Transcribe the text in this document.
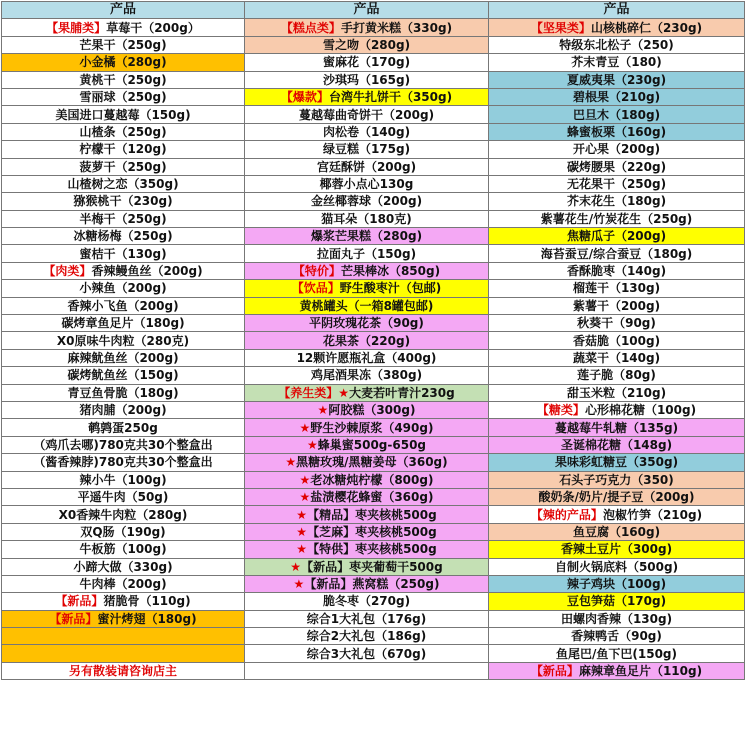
产品	产品	产品
【果脯类】草莓干（200g）	【糕点类】手打黄米糕（330g)	【坚果类】山核桃碎仁（230g)
芒果干（250g)	雪之吻（280g)	特级东北松子（250)
小金橘（280g)	蜜麻花（170g)	芥末青豆（180)
黄桃干（250g)	沙琪玛（165g)	夏威夷果（230g)
雪丽球（250g)	【爆款】台湾牛扎饼干（350g)	碧根果（210g)
美国进口蔓越莓（150g)	蔓越莓曲奇饼干（200g)	巴旦木（180g)
山楂条（250g)	肉松卷（140g)	蜂蜜板栗（160g)
柠檬干（120g)	绿豆糕（175g)	开心果（200g)
菠萝干（250g)	宫廷酥饼（200g)	碳烤腰果（220g)
山楂树之恋（350g)	椰蓉小点心130g	无花果干（250g)
猕猴桃干（230g)	金丝椰蓉球（200g)	芥末花生（180g)
半梅干（250g)	猫耳朵（180克)	紫薯花生/竹炭花生（250g)
冰糖杨梅（250g)	爆浆芒果糕（280g)	焦糖瓜子（200g)
蜜桔干（130g)	拉面丸子（150g)	海苔蚕豆/综合蚕豆（180g)
【肉类】香辣鳗鱼丝（200g)	【特价】芒果棒冰（850g)	香酥脆枣（140g)
小辣鱼（200g)	【饮品】野生酸枣汁（包邮)	榴莲干（130g)
香辣小飞鱼（200g)	黄桃罐头（一箱8罐包邮)	紫薯干（200g)
碳烤章鱼足片（180g)	平阴玫瑰花茶（90g)	秋葵干（90g)
X0原味牛肉粒（280克)	花果茶（220g)	香菇脆（100g)
麻辣鱿鱼丝（200g)	12颗许愿瓶礼盒（400g)	蔬菜干（140g)
碳烤鱿鱼丝（150g)	鸡尾酒果冻（380g)	莲子脆（80g)
青豆鱼骨脆（180g)	【养生类】★大麦若叶青汁230g	甜玉米粒（210g)
猪肉脯（200g)	★阿胶糕（300g)	【糖类】心形棉花糖（100g)
鹌鹑蛋250g	★野生沙棘原浆（490g)	蔓越莓牛轧糖（135g)
（鸡爪去哪)780克共30个整盒出	★蜂巢蜜500g-650g	圣诞棉花糖（148g)
（酱香辣脖)780克共30个整盒出	★黑糖玫瑰/黑糖姜母（360g)	果味彩虹糖豆（350g)
辣小牛（100g)	★老冰糖炖柠檬（800g)	石头子巧克力（350)
平遥牛肉（50g)	★盐渍樱花蜂蜜（360g)	酸奶条/奶片/提子豆（200g)
X0香辣牛肉粒（280g)	★【精品】枣夹核桃500g	【辣的产品】泡椒竹笋（210g)
双Q肠（190g)	★【芝麻】枣夹核桃500g	鱼豆腐（160g)
牛板筋（100g)	★【特供】枣夹核桃500g	香辣土豆片（300g)
小蹄大做（330g)	★【新品】枣夹葡萄干500g	自制火锅底料（500g)
牛肉棒（200g)	★【新品】燕窝糕（250g)	辣子鸡块（100g)
【新品】猪脆骨（110g)	脆冬枣（270g)	豆包笋菇（170g)
【新品】蜜汁烤翅（180g)	综合1大礼包（176g)	田螺肉香辣（130g)
	综合2大礼包（186g)	香辣鸭舌（90g)
	综合3大礼包（670g)	鱼尾巴/鱼下巴(150g)
另有散装请咨询店主		【新品】麻辣章鱼足片（110g)
